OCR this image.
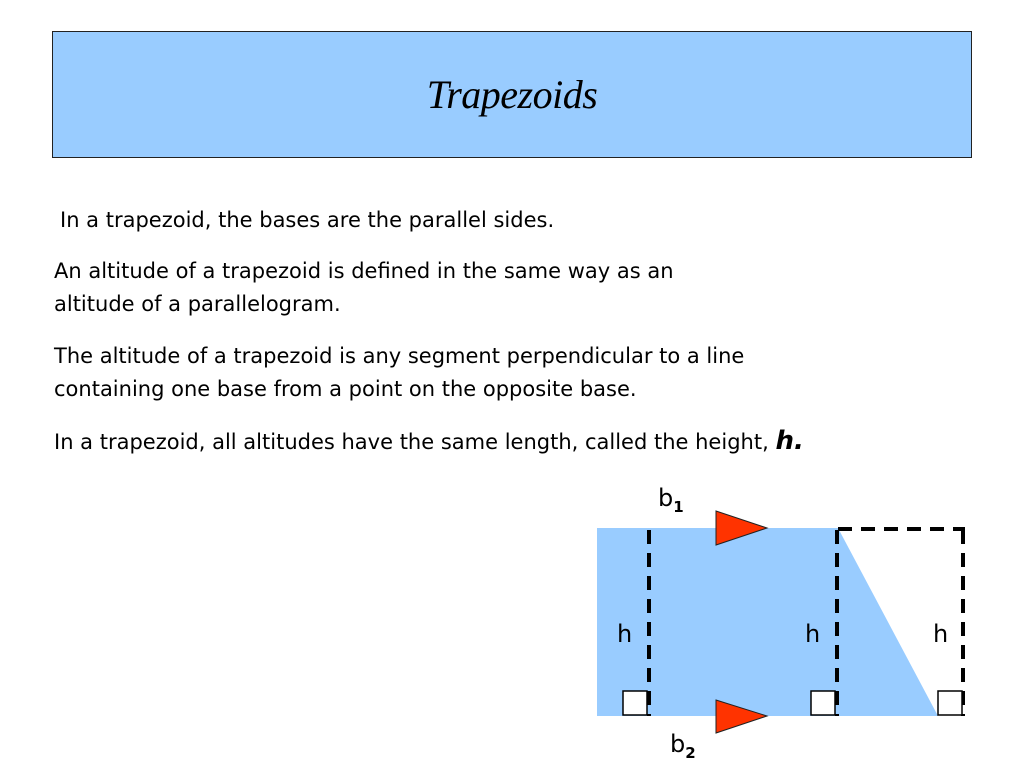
Trapezoids

In a trapezoid, the bases are the parallel sides.

An altitude of a trapezoid is defined in the same way as an
altitude of a parallelogram.

The altitude of a trapezoid is any segment perpendicular to a line
containing one base from a point on the opposite base.

In a trapezoid, all altitudes have the same length, called the height, h.

$b_1$
$b_2$
h	h	h
